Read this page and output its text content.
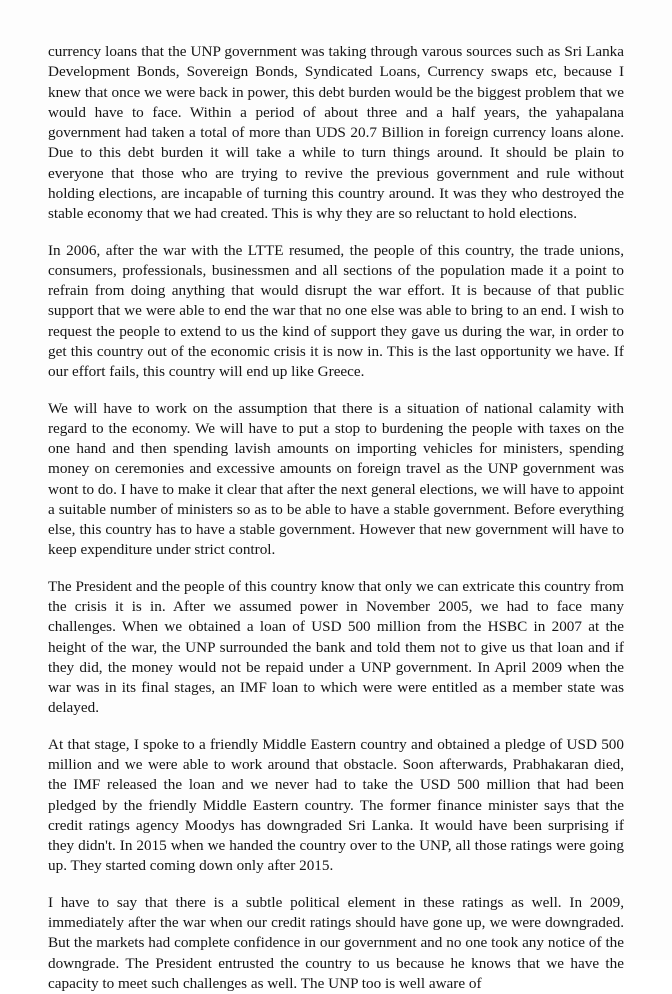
currency loans that the UNP government was taking through varous sources such as Sri Lanka Development Bonds, Sovereign Bonds, Syndicated Loans, Currency swaps etc, because I knew that once we were back in power, this debt burden would be the biggest problem that we would have to face. Within a period of about three and a half years, the yahapalana government had taken a total of more than UDS 20.7 Billion in foreign currency loans alone. Due to this debt burden it will take a while to turn things around. It should be plain to everyone that those who are trying to revive the previous government and rule without holding elections, are incapable of turning this country around. It was they who destroyed the stable economy that we had created. This is why they are so reluctant to hold elections.

In 2006, after the war with the LTTE resumed, the people of this country, the trade unions, consumers, professionals, businessmen and all sections of the population made it a point to refrain from doing anything that would disrupt the war effort. It is because of that public support that we were able to end the war that no one else was able to bring to an end. I wish to request the people to extend to us the kind of support they gave us during the war, in order to get this country out of the economic crisis it is now in. This is the last opportunity we have. If our effort fails, this country will end up like Greece.

We will have to work on the assumption that there is a situation of national calamity with regard to the economy. We will have to put a stop to burdening the people with taxes on the one hand and then spending lavish amounts on importing vehicles for ministers, spending money on ceremonies and excessive amounts on foreign travel as the UNP government was wont to do. I have to make it clear that after the next general elections, we will have to appoint a suitable number of ministers so as to be able to have a stable government. Before everything else, this country has to have a stable government. However that new government will have to keep expenditure under strict control.

The President and the people of this country know that only we can extricate this country from the crisis it is in. After we assumed power in November 2005, we had to face many challenges. When we obtained a loan of USD 500 million from the HSBC in 2007 at the height of the war, the UNP surrounded the bank and told them not to give us that loan and if they did, the money would not be repaid under a UNP government. In April 2009 when the war was in its final stages, an IMF loan to which were were entitled as a member state was delayed.

At that stage, I spoke to a friendly Middle Eastern country and obtained a pledge of USD 500 million and we were able to work around that obstacle. Soon afterwards, Prabhakaran died, the IMF released the loan and we never had to take the USD 500 million that had been pledged by the friendly Middle Eastern country. The former finance minister says that the credit ratings agency Moodys has downgraded Sri Lanka. It would have been surprising if they didn't. In 2015 when we handed the country over to the UNP, all those ratings were going up. They started coming down only after 2015.

I have to say that there is a subtle political element in these ratings as well. In 2009, immediately after the war when our credit ratings should have gone up, we were downgraded. But the markets had complete confidence in our government and no one took any notice of the downgrade. The President entrusted the country to us because he knows that we have the capacity to meet such challenges as well. The UNP too is well aware of
